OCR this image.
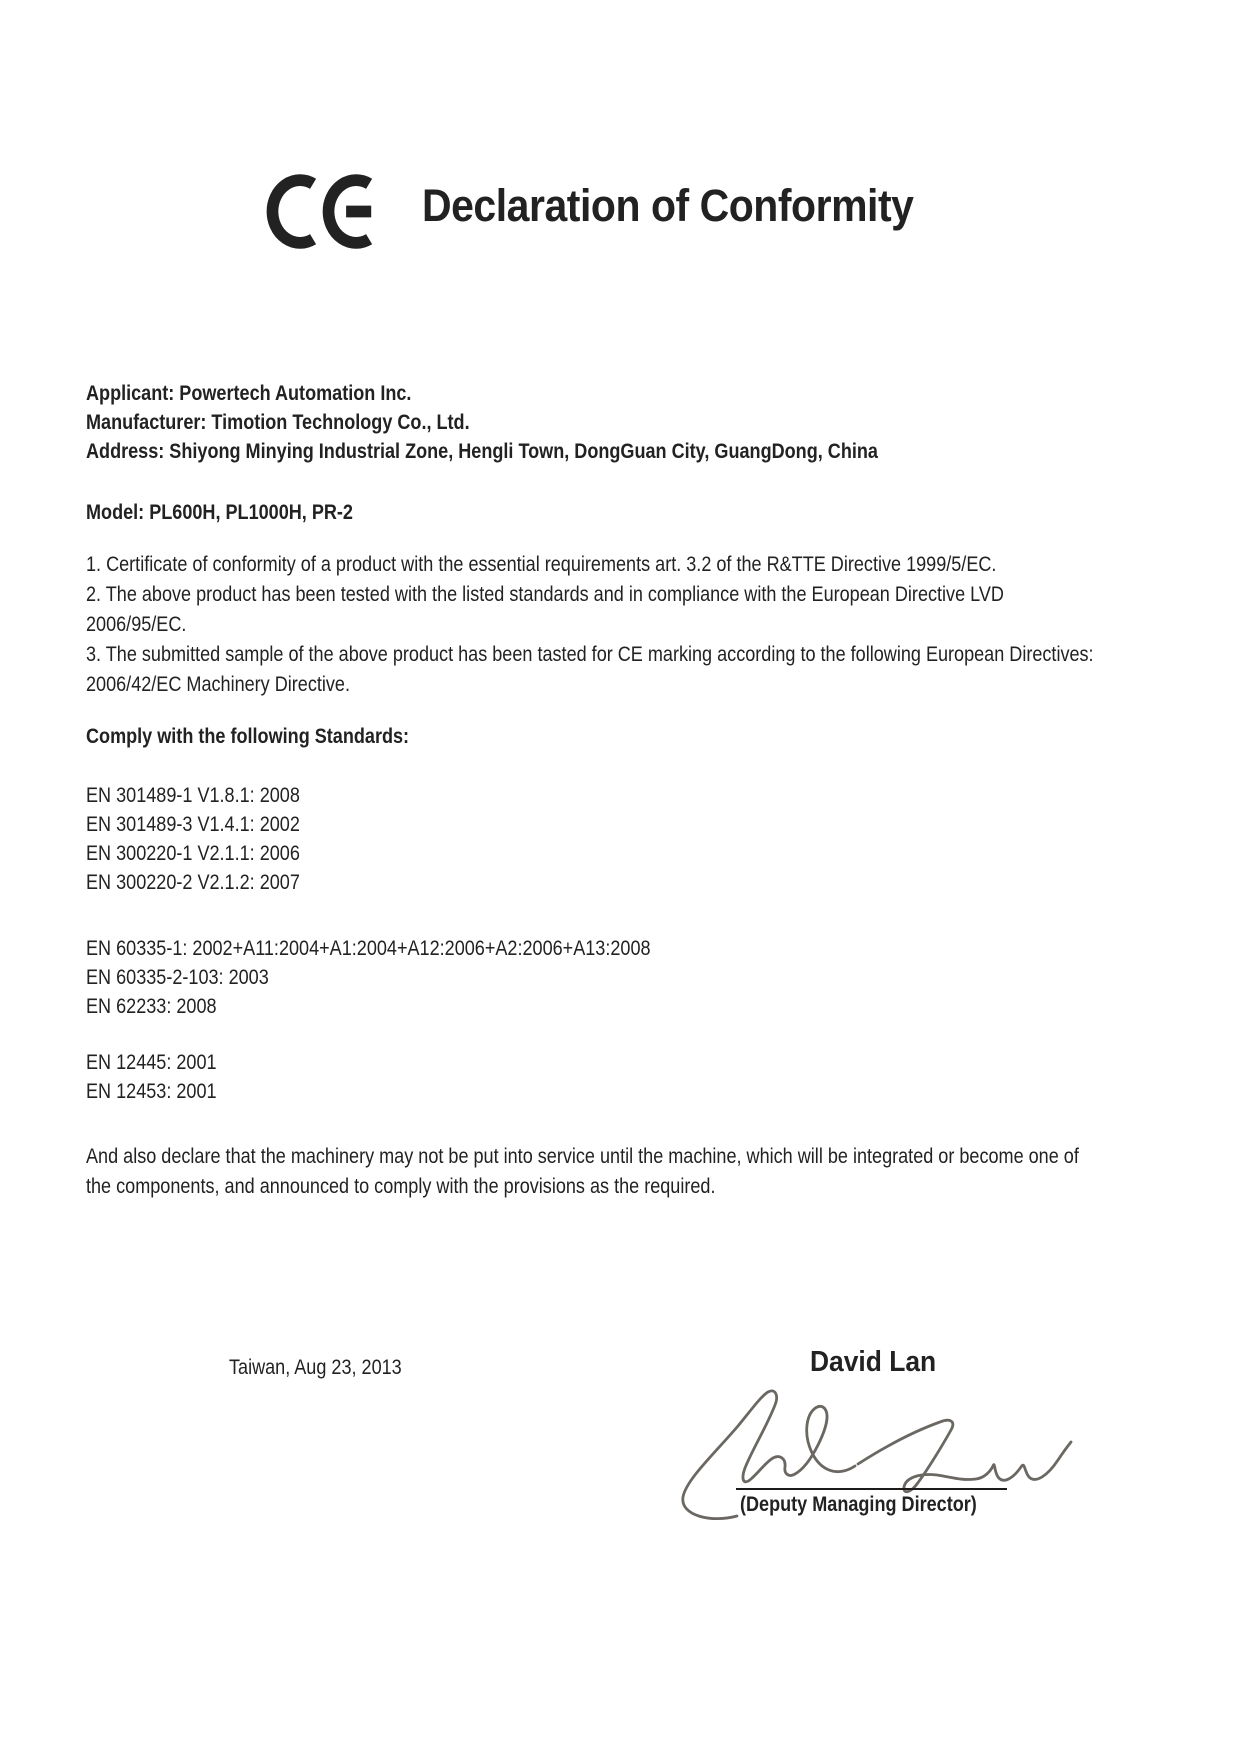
Declaration of Conformity
Applicant: Powertech Automation Inc.
Manufacturer: Timotion Technology Co., Ltd.
Address: Shiyong Minying Industrial Zone, Hengli Town, DongGuan City, GuangDong, China
Model: PL600H, PL1000H, PR-2
1. Certificate of conformity of a product with the essential requirements art. 3.2 of the R&TTE Directive 1999/5/EC.
2. The above product has been tested with the listed standards and in compliance with the European Directive LVD
2006/95/EC.
3. The submitted sample of the above product has been tasted for CE marking according to the following European Directives:
2006/42/EC Machinery Directive.
Comply with the following Standards:
EN 301489-1 V1.8.1: 2008
EN 301489-3 V1.4.1: 2002
EN 300220-1 V2.1.1: 2006
EN 300220-2 V2.1.2: 2007
EN 60335-1: 2002+A11:2004+A1:2004+A12:2006+A2:2006+A13:2008
EN 60335-2-103: 2003
EN 62233: 2008
EN 12445: 2001
EN 12453: 2001
And also declare that the machinery may not be put into service until the machine, which will be integrated or become one of
the components, and announced to comply with the provisions as the required.
Taiwan, Aug 23, 2013	David Lan
(Deputy Managing Director)
